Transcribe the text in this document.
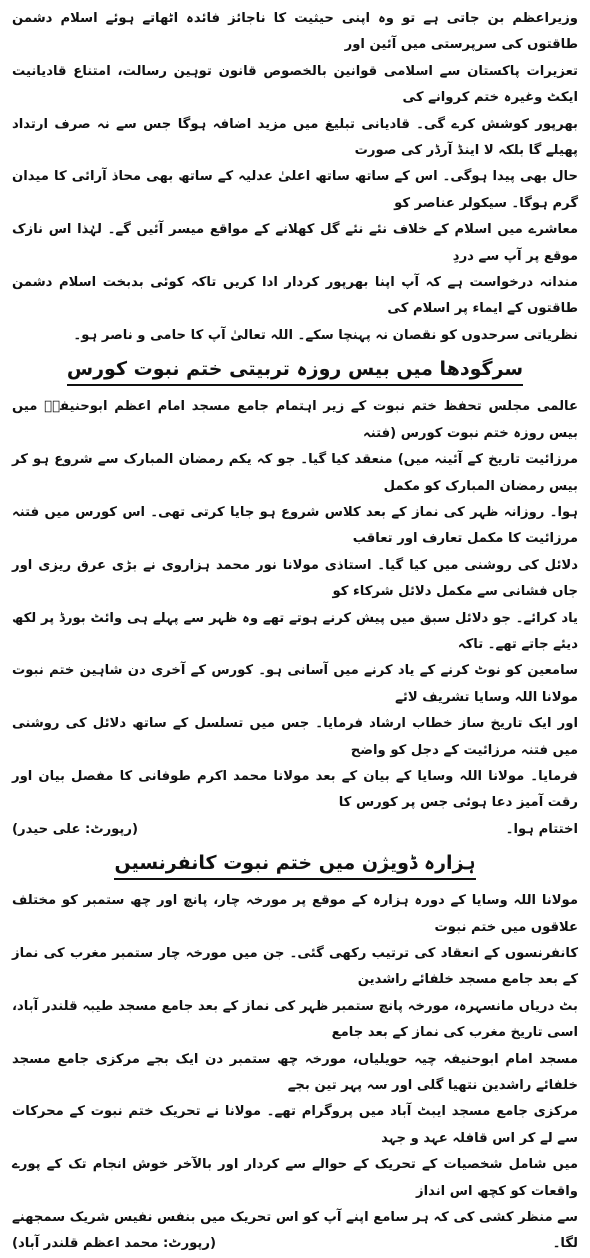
وزیراعظم بن جاتی ہے تو وہ اپنی حیثیت کا ناجائز فائدہ اٹھاتے ہوئے اسلام دشمن طاقتوں کی سرپرستی میں آئین اور

تعزیرات پاکستان سے اسلامی قوانین بالخصوص قانون توہین رسالت، امتناع قادیانیت ایکٹ وغیرہ ختم کروانے کی

بھرپور کوشش کرے گی۔ قادیانی تبلیغ میں مزید اضافہ ہوگا جس سے نہ صرف ارتداد پھیلے گا بلکہ لا اینڈ آرڈر کی صورت

حال بھی پیدا ہوگی۔ اس کے ساتھ ساتھ اعلیٰ عدلیہ کے ساتھ بھی محاذ آرائی کا میدان گرم ہوگا۔ سیکولر عناصر کو

معاشرے میں اسلام کے خلاف نئے نئے گل کھلانے کے مواقع میسر آئیں گے۔ لہٰذا اس نازک موقع پر آپ سے دردِ

مندانہ درخواست ہے کہ آپ اپنا بھرپور کردار ادا کریں تاکہ کوئی بدبخت اسلام دشمن طاقتوں کے ایماء پر اسلام کی

نظریاتی سرحدوں کو نقصان نہ پہنچا سکے۔ اللہ تعالیٰ آپ کا حامی و ناصر ہو۔

سرگودھا میں بیس روزہ تربیتی ختم نبوت کورس

عالمی مجلس تحفظ ختم نبوت کے زیر اہتمام جامع مسجد امام اعظم ابوحنیفہؒ میں بیس روزہ ختم نبوت کورس (فتنہ

مرزائیت تاریخ کے آئینہ میں) منعقد کیا گیا۔ جو کہ یکم رمضان المبارک سے شروع ہو کر بیس رمضان المبارک کو مکمل

ہوا۔ روزانہ ظہر کی نماز کے بعد کلاس شروع ہو جایا کرتی تھی۔ اس کورس میں فتنہ مرزائیت کا مکمل تعارف اور تعاقب

دلائل کی روشنی میں کیا گیا۔ استاذی مولانا نور محمد ہزاروی نے بڑی عرق ریزی اور جاں فشانی سے مکمل دلائل شرکاء کو

یاد کرائے۔ جو دلائل سبق میں پیش کرنے ہوتے تھے وہ ظہر سے پہلے ہی وائٹ بورڈ پر لکھ دیئے جاتے تھے۔ تاکہ

سامعین کو نوٹ کرنے کے یاد کرنے میں آسانی ہو۔ کورس کے آخری دن شاہین ختم نبوت مولانا اللہ وسایا تشریف لائے

اور ایک تاریخ ساز خطاب ارشاد فرمایا۔ جس میں تسلسل کے ساتھ دلائل کی روشنی میں فتنہ مرزائیت کے دجل کو واضح

فرمایا۔ مولانا اللہ وسایا کے بیان کے بعد مولانا محمد اکرم طوفانی کا مفصل بیان اور رقت آمیز دعا ہوئی جس پر کورس کا

اختتام ہوا۔
(رپورٹ: علی حیدر)

ہزارہ ڈویژن میں ختم نبوت کانفرنسیں

مولانا اللہ وسایا کے دورہ ہزارہ کے موقع پر مورخہ چار، پانچ اور چھ ستمبر کو مختلف علاقوں میں ختم نبوت

کانفرنسوں کے انعقاد کی ترتیب رکھی گئی۔ جن میں مورخہ چار ستمبر مغرب کی نماز کے بعد جامع مسجد خلفائے راشدین

بٹ دریاں مانسہرہ، مورخہ پانچ ستمبر ظہر کی نماز کے بعد جامع مسجد طیبہ قلندر آباد، اسی تاریخ مغرب کی نماز کے بعد جامع

مسجد امام ابوحنیفہ چیہ حویلیاں، مورخہ چھ ستمبر دن ایک بجے مرکزی جامع مسجد خلفائے راشدین نتھیا گلی اور سہ پہر تین بجے

مرکزی جامع مسجد ایبٹ آباد میں پروگرام تھے۔ مولانا نے تحریک ختم نبوت کے محرکات سے لے کر اس قافلہ عہد و جہد

میں شامل شخصیات کے تحریک کے حوالے سے کردار اور بالآخر خوش انجام تک کے پورے واقعات کو کچھ اس انداز

سے منظر کشی کی کہ ہر سامع اپنے آپ کو اس تحریک میں بنفس نفیس شریک سمجھنے لگا۔
(رپورٹ: محمد اعظم قلندر آباد)
